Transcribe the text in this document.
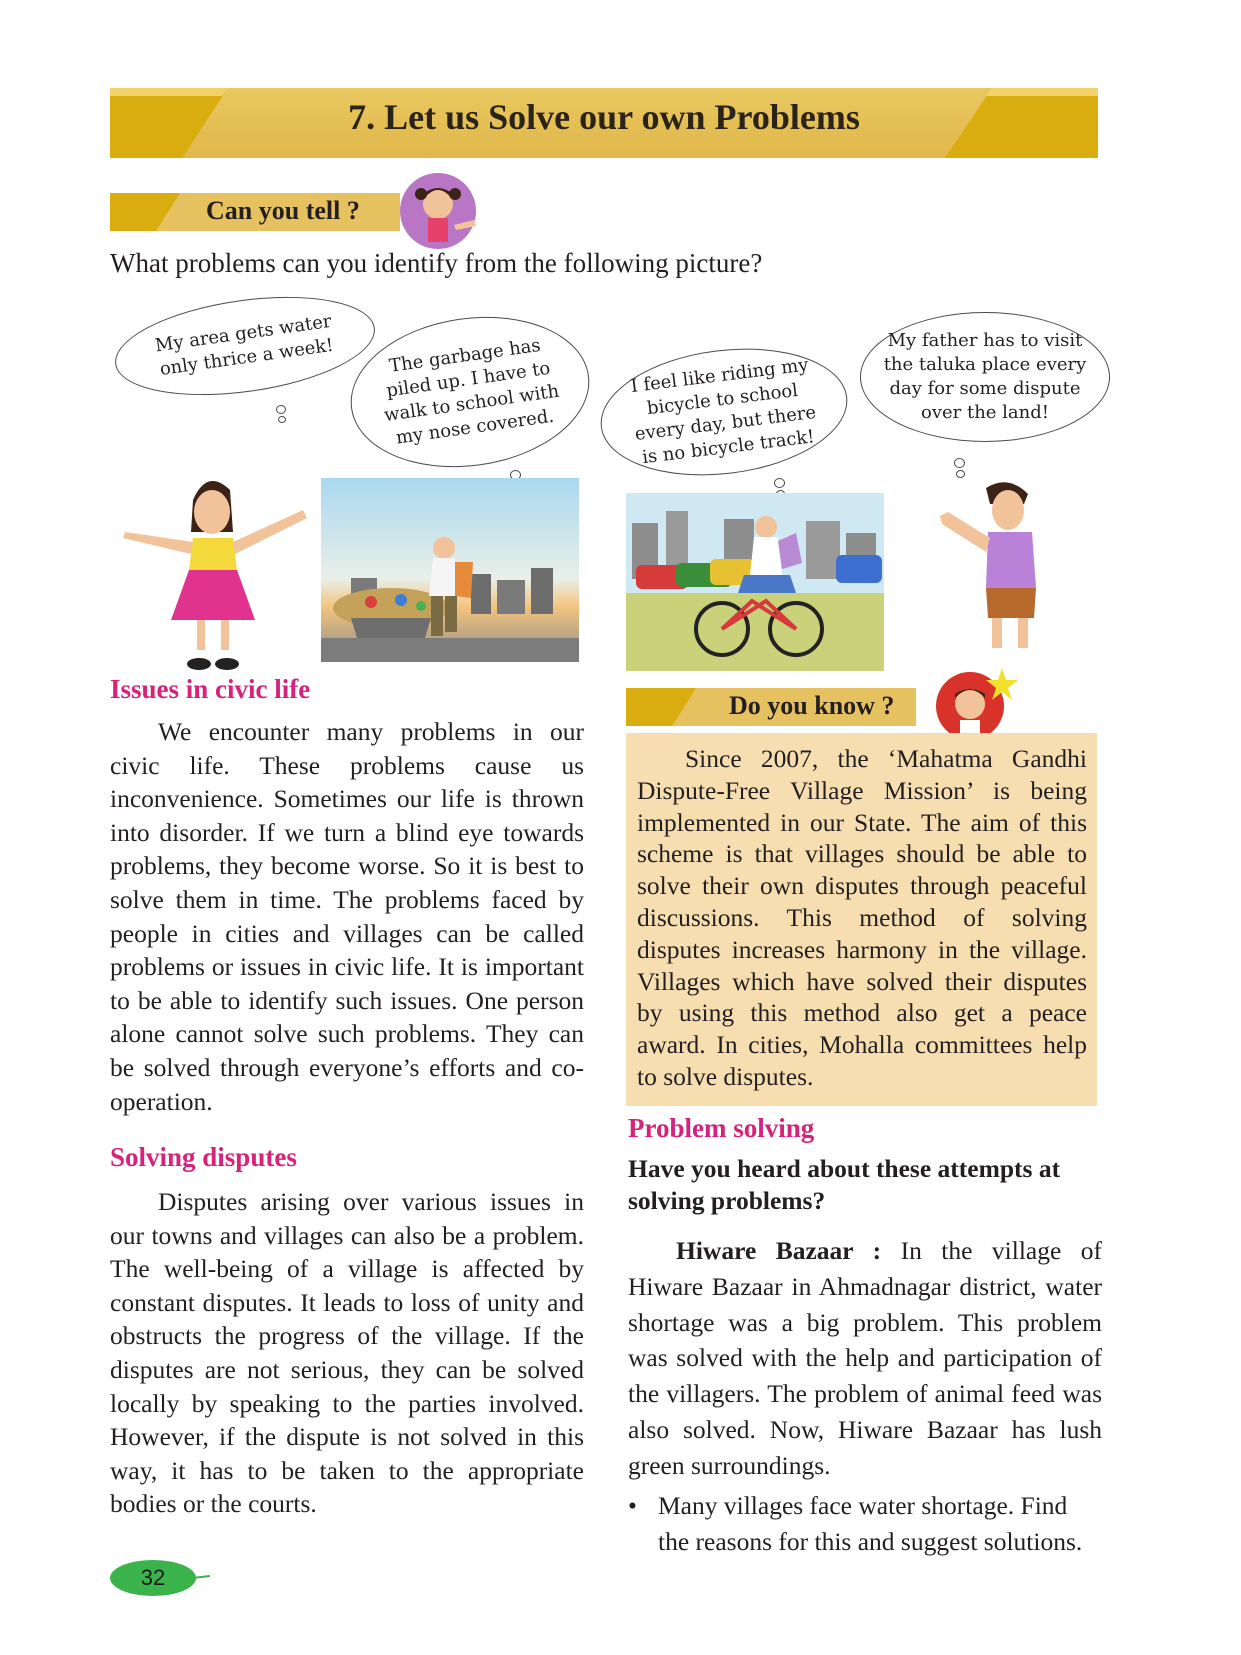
7. Let us Solve our own Problems
Can you tell ?
What problems can you identify from the following picture?
My area gets water only thrice a week!	The garbage has piled up. I have to walk to school with my nose covered.
I feel like riding my bicycle to school every day, but there is no bicycle track!
My father has to visit the taluka place every day for some dispute over the land!
Issues in civic life

We encounter many problems in our civic life. These problems cause us inconvenience. Sometimes our life is thrown into disorder. If we turn a blind eye towards problems, they become worse. So it is best to solve them in time. The problems faced by people in cities and villages can be called problems or issues in civic life. It is important to be able to identify such issues. One person alone cannot solve such problems. They can be solved through everyone’s efforts and co-operation.

Solving disputes

Disputes arising over various issues in our towns and villages can also be a problem. The well-being of a village is affected by constant disputes. It leads to loss of unity and obstructs the progress of the village. If the disputes are not serious, they can be solved locally by speaking to the parties involved. However, if the dispute is not solved in this way, it has to be taken to the appropriate bodies or the courts.

Do you know ?

Since 2007, the ‘Mahatma Gandhi Dispute-Free Village Mission’ is being implemented in our State. The aim of this scheme is that villages should be able to solve their own disputes through peaceful discussions. This method of solving disputes increases harmony in the village. Villages which have solved their disputes by using this method also get a peace award. In cities, Mohalla committees help to solve disputes.

Problem solving
Have you heard about these attempts at solving problems?

Hiware Bazaar : In the village of Hiware Bazaar in Ahmadnagar district, water shortage was a big problem. This problem was solved with the help and participation of the villagers. The problem of animal feed was also solved. Now, Hiware Bazaar has lush green surroundings.

• Many villages face water shortage. Find the reasons for this and suggest solutions.
32
